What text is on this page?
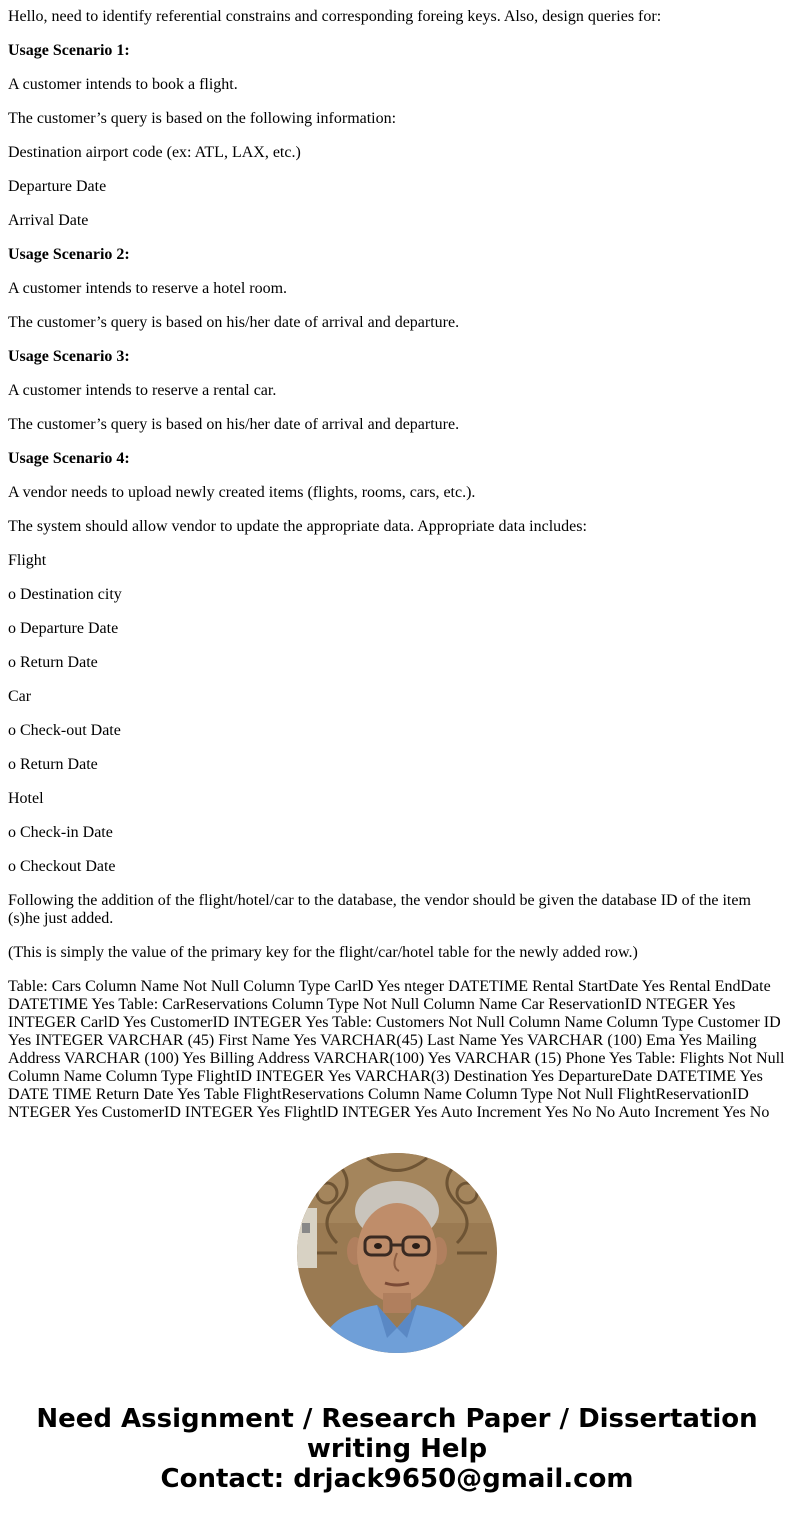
Hello, need to identify referential constrains and corresponding foreing keys. Also, design queries for:

Usage Scenario 1:

A customer intends to book a flight.

The customer’s query is based on the following information:

Destination airport code (ex: ATL, LAX, etc.)

Departure Date

Arrival Date

Usage Scenario 2:

A customer intends to reserve a hotel room.

The customer’s query is based on his/her date of arrival and departure.

Usage Scenario 3:

A customer intends to reserve a rental car.

The customer’s query is based on his/her date of arrival and departure.

Usage Scenario 4:

A vendor needs to upload newly created items (flights, rooms, cars, etc.).

The system should allow vendor to update the appropriate data. Appropriate data includes:

Flight

o Destination city

o Departure Date

o Return Date

Car

o Check-out Date

o Return Date

Hotel

o Check-in Date

o Checkout Date

Following the addition of the flight/hotel/car to the database, the vendor should be given the database ID of the item (s)he just added.

(This is simply the value of the primary key for the flight/car/hotel table for the newly added row.)

Table: Cars Column Name Not Null Column Type CarlD Yes nteger DATETIME Rental StartDate Yes Rental EndDate DATETIME Yes Table: CarReservations Column Type Not Null Column Name Car ReservationID NTEGER Yes INTEGER CarlD Yes CustomerID INTEGER Yes Table: Customers Not Null Column Name Column Type Customer ID Yes INTEGER VARCHAR (45) First Name Yes VARCHAR(45) Last Name Yes VARCHAR (100) Ema Yes Mailing Address VARCHAR (100) Yes Billing Address VARCHAR(100) Yes VARCHAR (15) Phone Yes Table: Flights Not Null Column Name Column Type FlightID INTEGER Yes VARCHAR(3) Destination Yes DepartureDate DATETIME Yes DATE TIME Return Date Yes Table FlightReservations Column Name Column Type Not Null FlightReservationID NTEGER Yes CustomerID INTEGER Yes FlightlD INTEGER Yes Auto Increment Yes No No Auto Increment Yes No

Need Assignment / Research Paper / Dissertation writing Help
Contact: drjack9650@gmail.com
